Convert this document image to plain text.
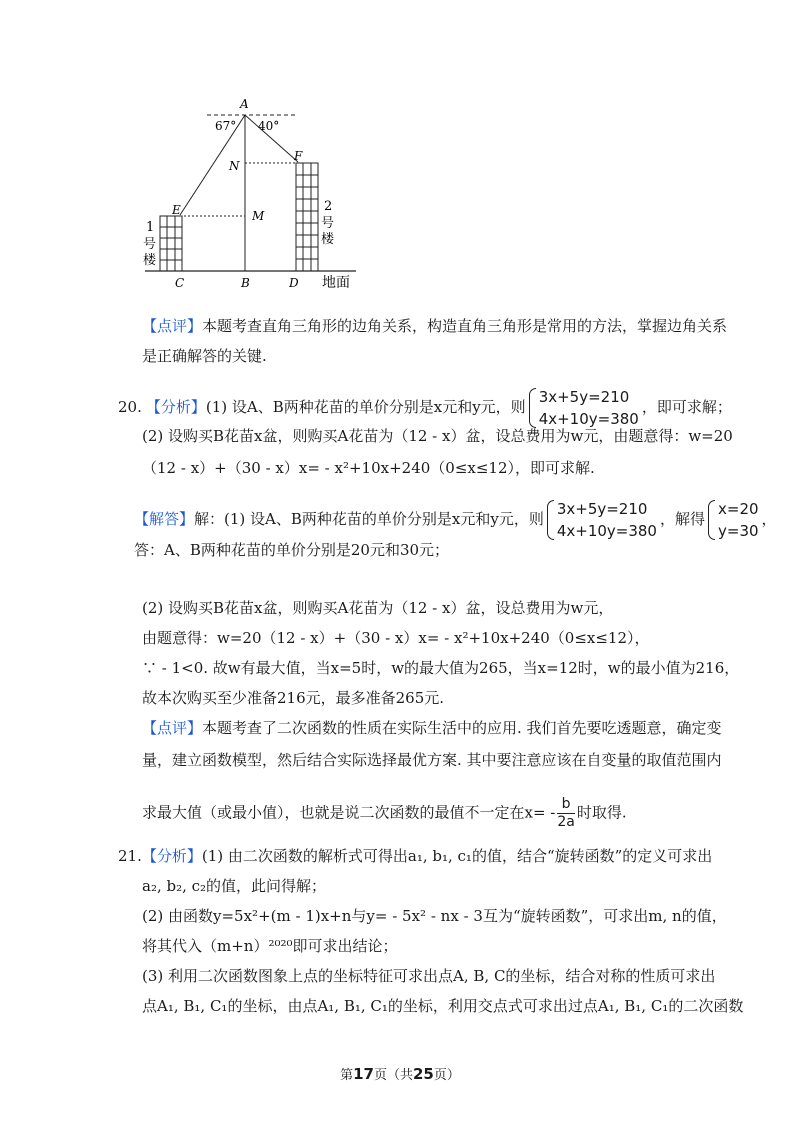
A
67° 40°
N
F
E	M
C	B	D 地面
1
号
楼
2
号
楼
【点评】本题考查直角三角形的边角关系，构造直角三角形是常用的方法，掌握边角关系
是正确解答的关键.
20. 【分析】(1) 设A、B两种花苗的单价分别是x元和y元，则
3x+5y=210
4x+10y=380
，即可求解；
(2) 设购买B花苗x盆，则购买A花苗为（12 - x）盆，设总费用为w元，由题意得：w=20
（12 - x）+（30 - x）x= - x²+10x+240（0≤x≤12），即可求解.
【解答】解：(1) 设A、B两种花苗的单价分别是x元和y元，则
3x+5y=210
4x+10y=380
，解得
x=20
y=30
，
答：A、B两种花苗的单价分别是20元和30元；
(2) 设购买B花苗x盆，则购买A花苗为（12 - x）盆，设总费用为w元，
由题意得：w=20（12 - x）+（30 - x）x= - x²+10x+240（0≤x≤12），
∵ - 1<0. 故w有最大值，当x=5时，w的最大值为265，当x=12时，w的最小值为216，
故本次购买至少准备216元，最多准备265元.
【点评】本题考查了二次函数的性质在实际生活中的应用. 我们首先要吃透题意，确定变
量，建立函数模型，然后结合实际选择最优方案. 其中要注意应该在自变量的取值范围内
求最大值（或最小值），也就是说二次函数的最值不一定在$x= - \frac{b}{2a}$ 时取得.
21.【分析】(1) 由二次函数的解析式可得出a₁, b₁, c₁的值，结合“旋转函数”的定义可求出
a₂, b₂, c₂的值，此问得解；
(2) 由函数y=5x²+(m - 1)x+n与y= - 5x² - nx - 3互为“旋转函数”，可求出m, n的值，
将其代入（m+n）²⁰²⁰即可求出结论；
(3) 利用二次函数图象上点的坐标特征可求出点A, B, C的坐标，结合对称的性质可求出
点A₁, B₁, C₁的坐标，由点A₁, B₁, C₁的坐标，利用交点式可求出过点A₁, B₁, C₁的二次函数
第17页（共25页）
